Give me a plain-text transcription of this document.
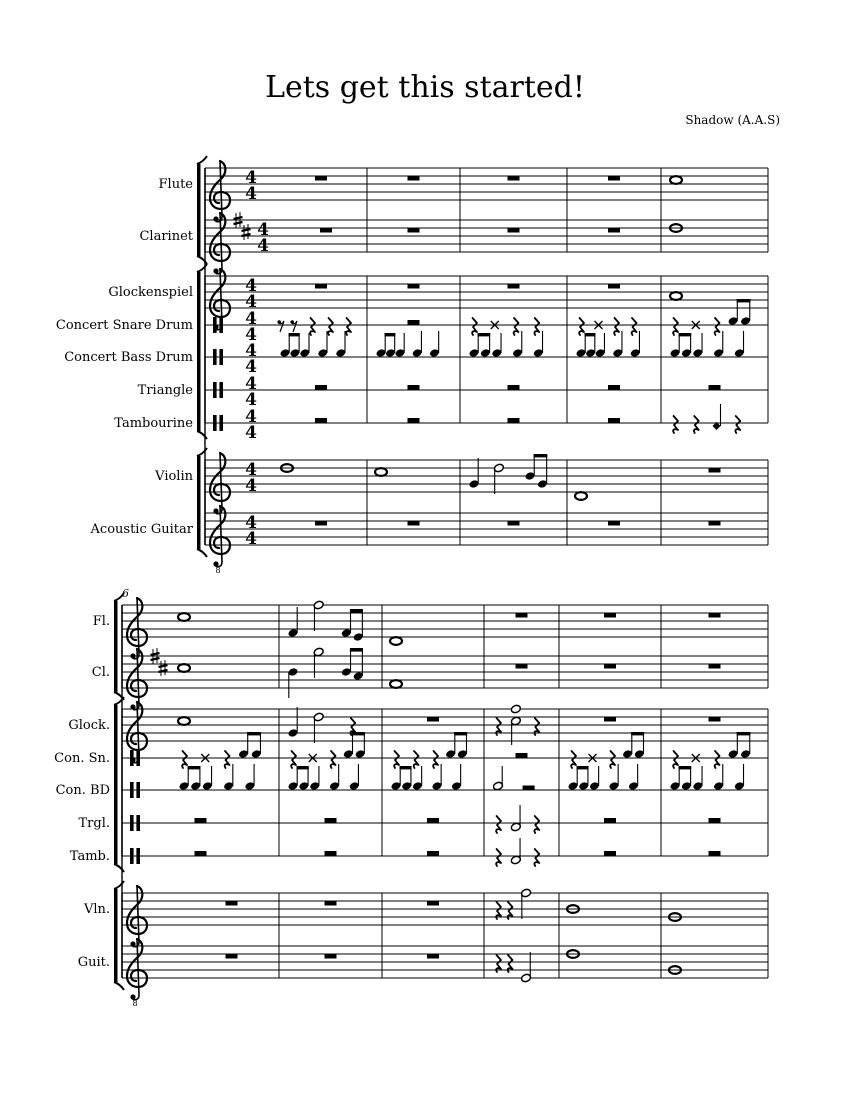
Lets get this started!
Shadow (A.A.S)
Flute	4
4
Clarinet	4
4
Glockenspiel	4
4
Concert Snare Drum	4
4
Concert Bass Drum	4
4
Triangle	4
4
Tambourine	4
4
Violin	4
4
Acoustic Guitar
8
4
4
Fl.
Cl.
Glock.
Con. Sn.
Con. BD
Trgl.
Tamb.
Vln.
Guit.
8
6
